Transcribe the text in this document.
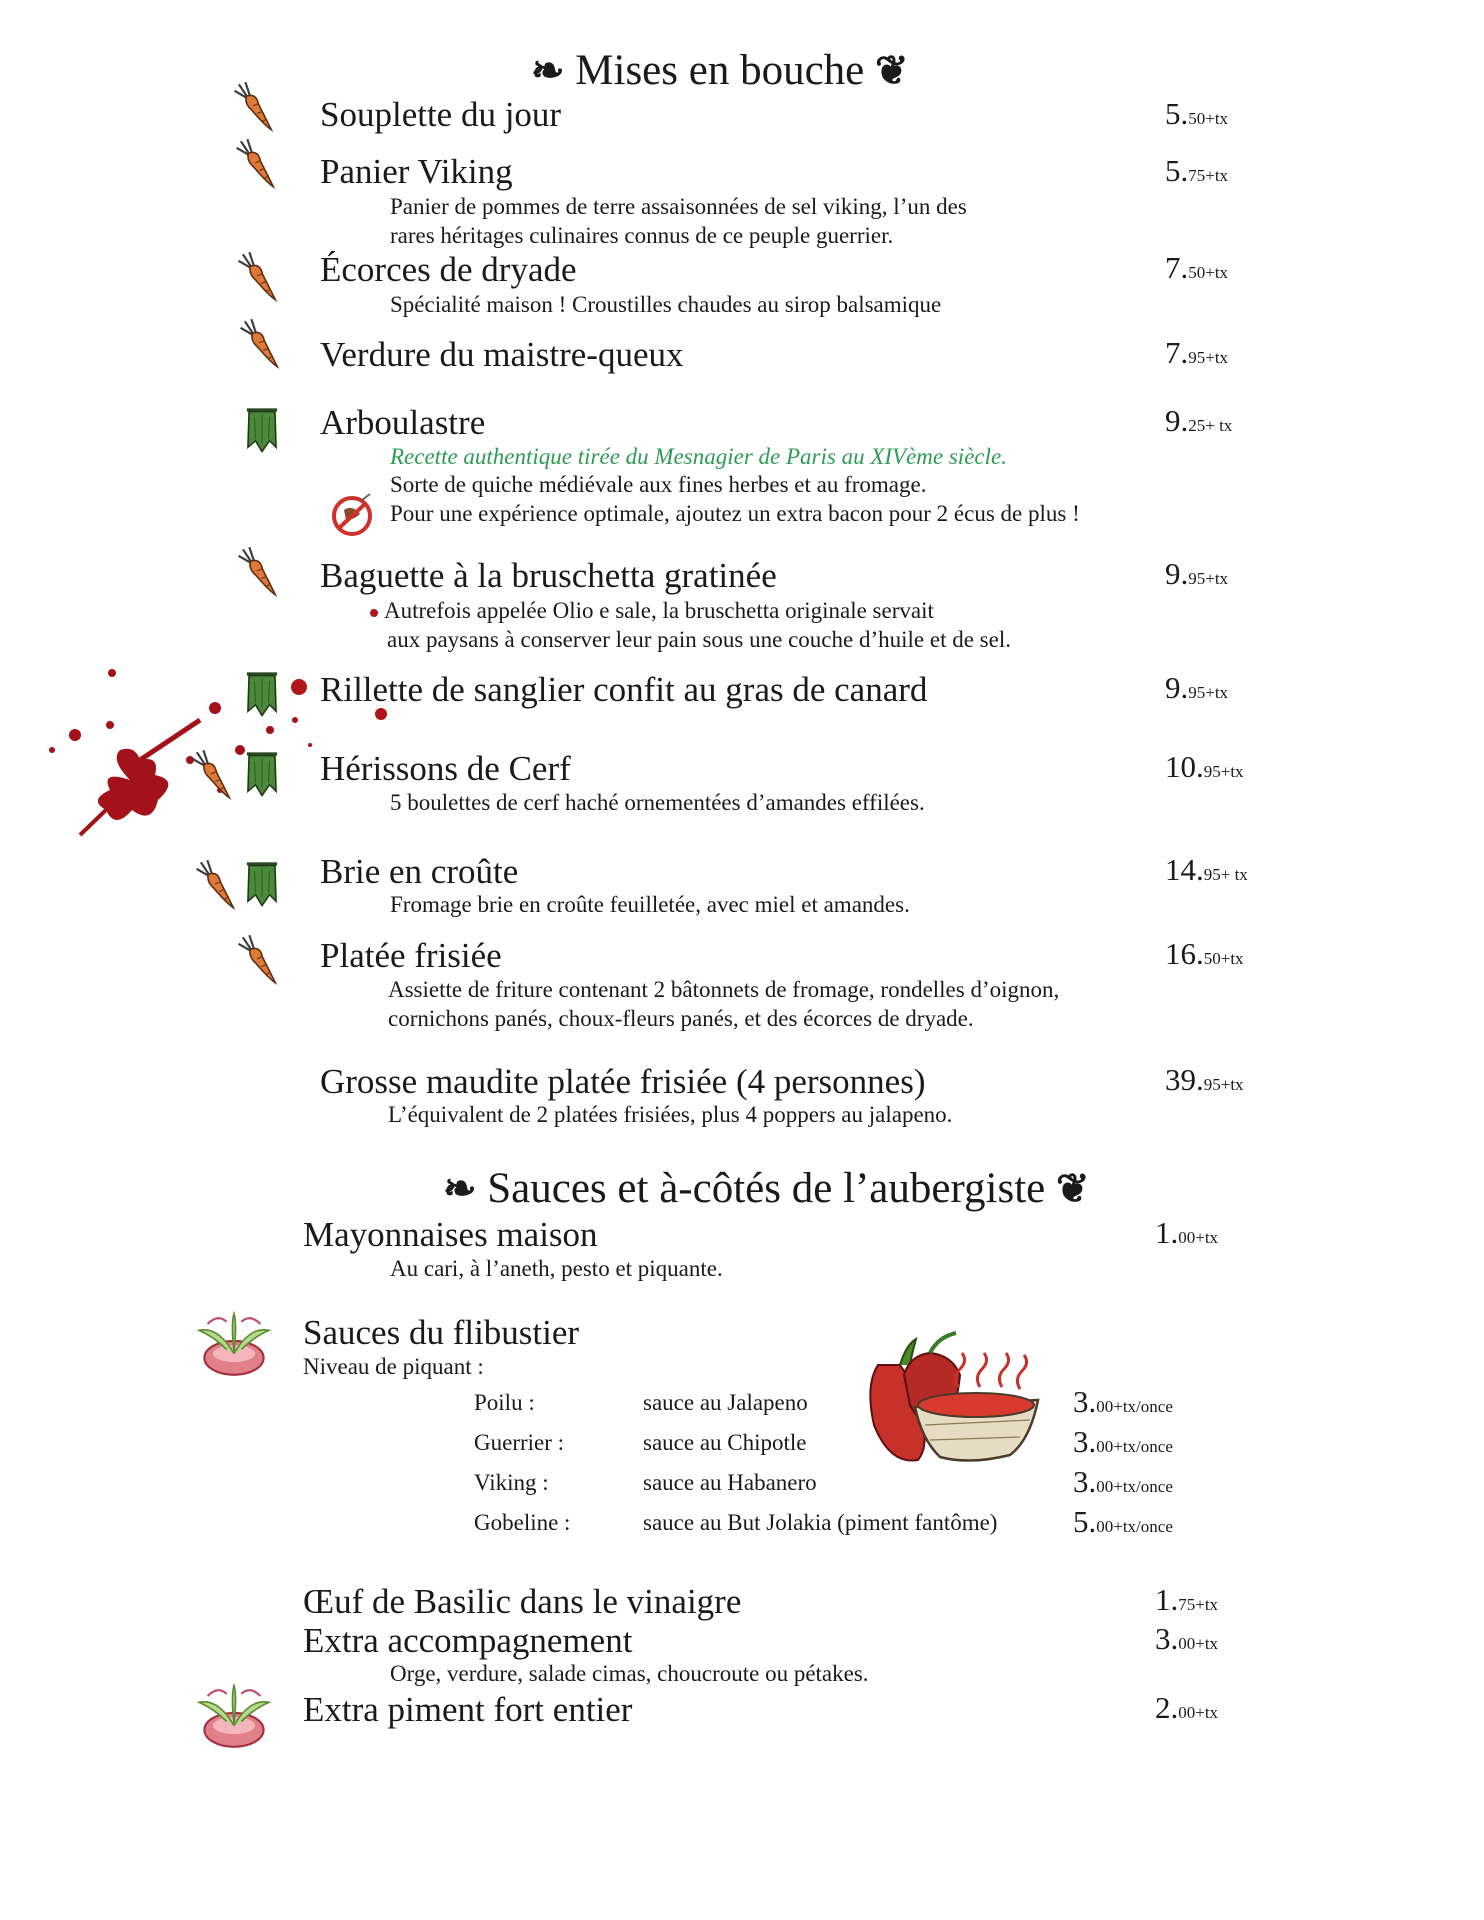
❧ Mises en bouche ❦
Souplette du jour	5.50+tx
Panier Viking	5.75+tx
Panier de pommes de terre assaisonnées de sel viking, l’un des
rares héritages culinaires connus de ce peuple guerrier.
Écorces de dryade	7.50+tx
Spécialité maison ! Croustilles chaudes au sirop balsamique
Verdure du maistre-queux	7.95+tx
Arboulastre	9.25+ tx
Recette authentique tirée du Mesnagier de Paris au XIVème siècle.
Sorte de quiche médiévale aux fines herbes et au fromage.
Pour une expérience optimale, ajoutez un extra bacon pour 2 écus de plus !
Baguette à la bruschetta gratinée	9.95+tx
Autrefois appelée Olio e sale, la bruschetta originale servait
aux paysans à conserver leur pain sous une couche d’huile et de sel.
Rillette de sanglier confit au gras de canard	9.95+tx
Hérissons de Cerf	10.95+tx
5 boulettes de cerf haché ornementées d’amandes effilées.
Brie en croûte	14.95+ tx
Fromage brie en croûte feuilletée, avec miel et amandes.
Platée frisiée	16.50+tx
Assiette de friture contenant 2 bâtonnets de fromage, rondelles d’oignon,
cornichons panés, choux-fleurs panés, et des écorces de dryade.
Grosse maudite platée frisiée (4 personnes)	39.95+tx
L’équivalent de 2 platées frisiées, plus 4 poppers au jalapeno.
❧ Sauces et à-côtés de l’aubergiste ❦
Mayonnaises maison	1.00+tx
Au cari, à l’aneth, pesto et piquante.
Sauces du flibustier
Niveau de piquant :
Poilu :	sauce au Jalapeno	3.00+tx/once
Guerrier :	sauce au Chipotle	3.00+tx/once
Viking :	sauce au Habanero	3.00+tx/once
Gobeline :	sauce au But Jolakia (piment fantôme) 5.00+tx/once
Œuf de Basilic dans le vinaigre	1.75+tx
Extra accompagnement	3.00+tx
Orge, verdure, salade cimas, choucroute ou pétakes.
Extra piment fort entier	2.00+tx
